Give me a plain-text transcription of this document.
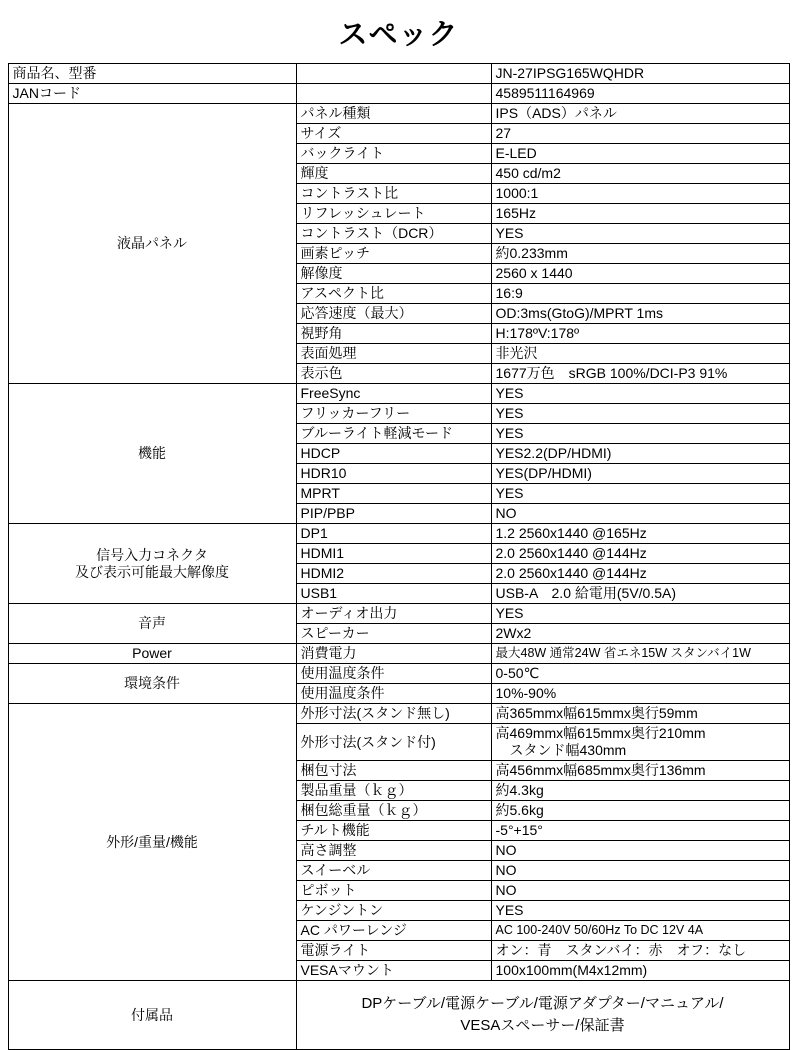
スペック
商品名、型番		JN-27IPSG165WQHDR
JANコード		4589511164969
液晶パネル	パネル種類	IPS（ADS）パネル
	サイズ	27
	バックライト	E-LED
	輝度	450 cd/m2
	コントラスト比	1000:1
	リフレッシュレート	165Hz
	コントラスト（DCR）	YES
	画素ピッチ	約0.233mm
	解像度	2560 x 1440
	アスペクト比	16:9
	応答速度（最大）	OD:3ms(GtoG)/MPRT 1ms
	視野角	H:178ºV:178º
	表面処理	非光沢
	表示色	1677万色　sRGB 100%/DCI-P3 91%
機能	FreeSync	YES
	フリッカーフリー	YES
	ブルーライト軽減モード	YES
	HDCP	YES2.2(DP/HDMI)
	HDR10	YES(DP/HDMI)
	MPRT	YES
	PIP/PBP	NO
信号入力コネクタ
及び表示可能最大解像度	DP1	1.2 2560x1440 @165Hz
	HDMI1	2.0 2560x1440 @144Hz
	HDMI2	2.0 2560x1440 @144Hz
	USB1	USB-A　2.0 給電用(5V/0.5A)
音声	オーディオ出力	YES
	スピーカー	2Wx2
Power	消費電力	最大48W 通常24W 省エネ15W スタンバイ1W
環境条件	使用温度条件	0-50℃
	使用温度条件	10%-90%
外形/重量/機能	外形寸法(スタンド無し)	高365mmx幅615mmx奥行59mm
	外形寸法(スタンド付)	高469mmx幅615mmx奥行210mm
　スタンド幅430mm
	梱包寸法	高456mmx幅685mmx奥行136mm
	製品重量（ｋｇ）	約4.3kg
	梱包総重量（ｋｇ）	約5.6kg
	チルト機能	-5°+15°
	高さ調整	NO
	スイーベル	NO
	ピボット	NO
	ケンジントン	YES
	AC パワーレンジ	AC 100-240V 50/60Hz To DC 12V 4A
	電源ライト	オン：青　スタンバイ：赤　オフ：なし
	VESAマウント	100x100mm(M4x12mm)
付属品	DPケーブル/電源ケーブル/電源アダプター/マニュアル/
VESAスペーサー/保証書	
